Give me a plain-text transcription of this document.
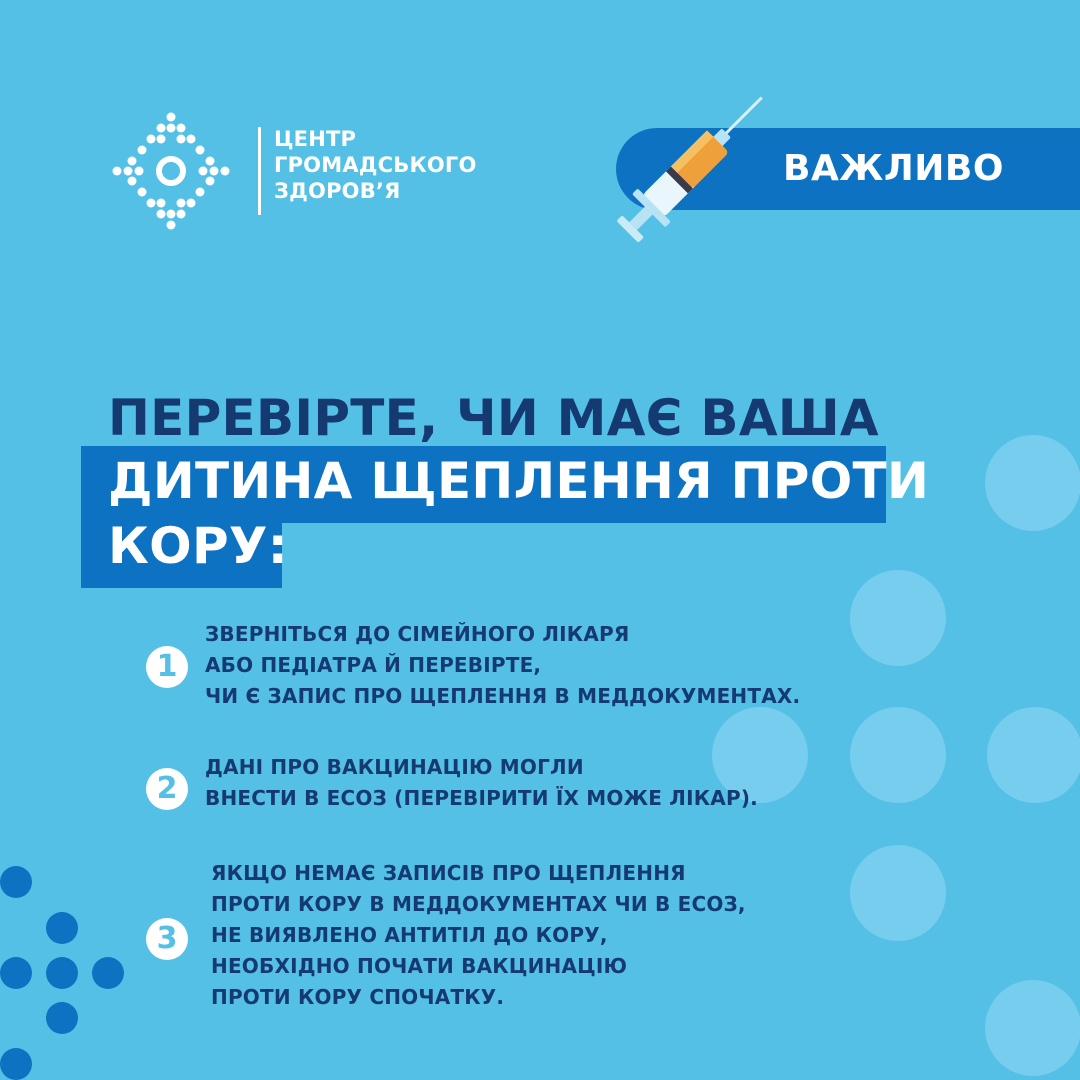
ЦЕНТР
ГРОМАДСЬКОГО
ЗДОРОВ’Я
ВАЖЛИВО
ПЕРЕВІРТЕ, ЧИ МАЄ ВАША
ДИТИНА ЩЕПЛЕННЯ ПРОТИ
КОРУ:
1
ЗВЕРНІТЬСЯ ДО СІМЕЙНОГО ЛІКАРЯ
АБО ПЕДІАТРА Й ПЕРЕВІРТЕ,
ЧИ Є ЗАПИС ПРО ЩЕПЛЕННЯ В МЕДДОКУМЕНТАХ.
2
ДАНІ ПРО ВАКЦИНАЦІЮ МОГЛИ
ВНЕСТИ В ЕСОЗ (ПЕРЕВІРИТИ ЇХ МОЖЕ ЛІКАР).
3
ЯКЩО НЕМАЄ ЗАПИСІВ ПРО ЩЕПЛЕННЯ
ПРОТИ КОРУ В МЕДДОКУМЕНТАХ ЧИ В ЕСОЗ,
НЕ ВИЯВЛЕНО АНТИТІЛ ДО КОРУ,
НЕОБХІДНО ПОЧАТИ ВАКЦИНАЦІЮ
ПРОТИ КОРУ СПОЧАТКУ.
